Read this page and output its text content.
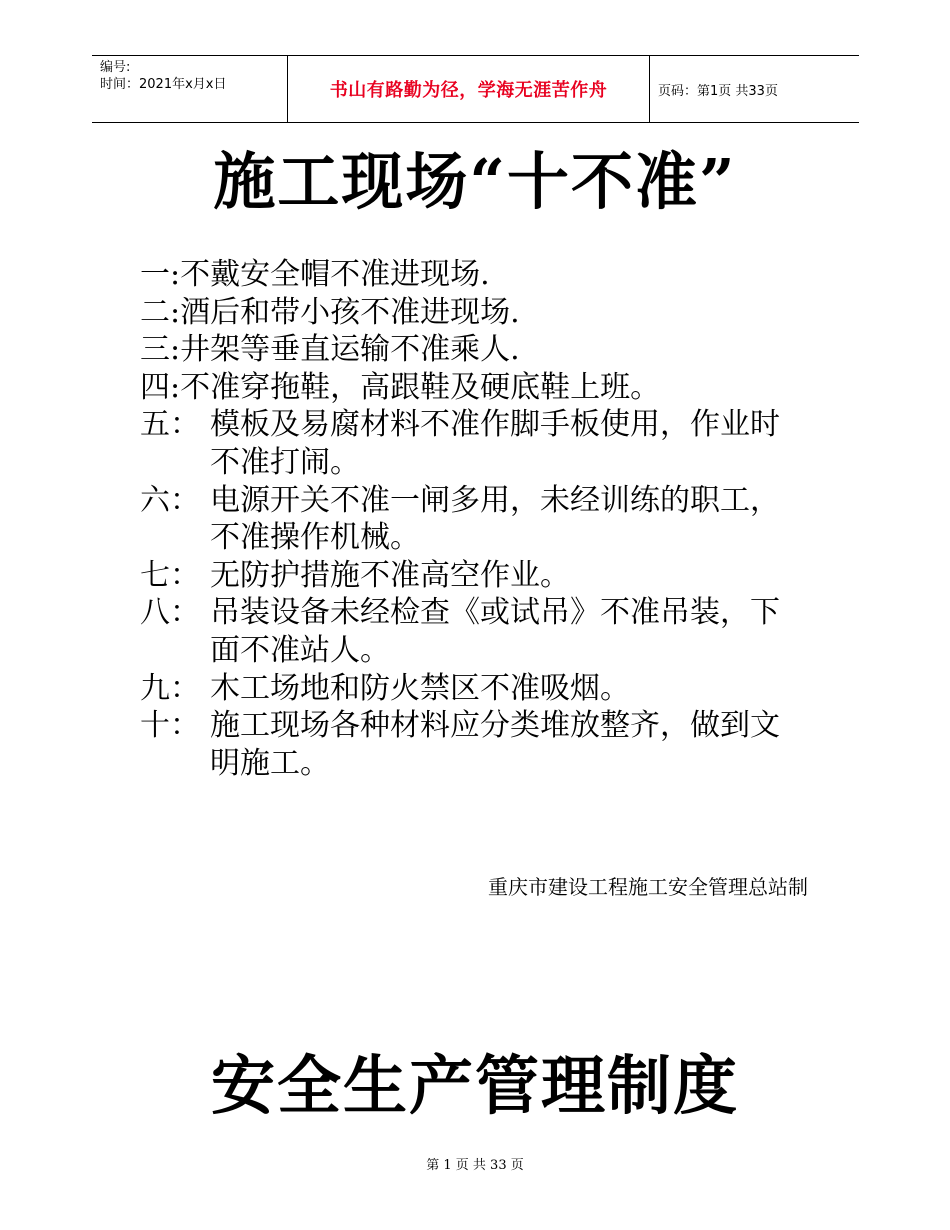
编号:
时间：2021年x月x日	书山有路勤为径，学海无涯苦作舟	页码：第1页 共33页
施工现场“十不准”
一: 不戴安全帽不准进现场.
二: 酒后和带小孩不准进现场.
三: 井架等垂直运输不准乘人.
四: 不准穿拖鞋，高跟鞋及硬底鞋上班。
五： 模板及易腐材料不准作脚手板使用，作业时不准打闹。
六： 电源开关不准一闸多用，未经训练的职工，不准操作机械。
七： 无防护措施不准高空作业。
八： 吊装设备未经检查《或试吊》不准吊装，下面不准站人。
九： 木工场地和防火禁区不准吸烟。
十： 施工现场各种材料应分类堆放整齐，做到文明施工。
重庆市建设工程施工安全管理总站制
安全生产管理制度
第 1 页 共 33 页
